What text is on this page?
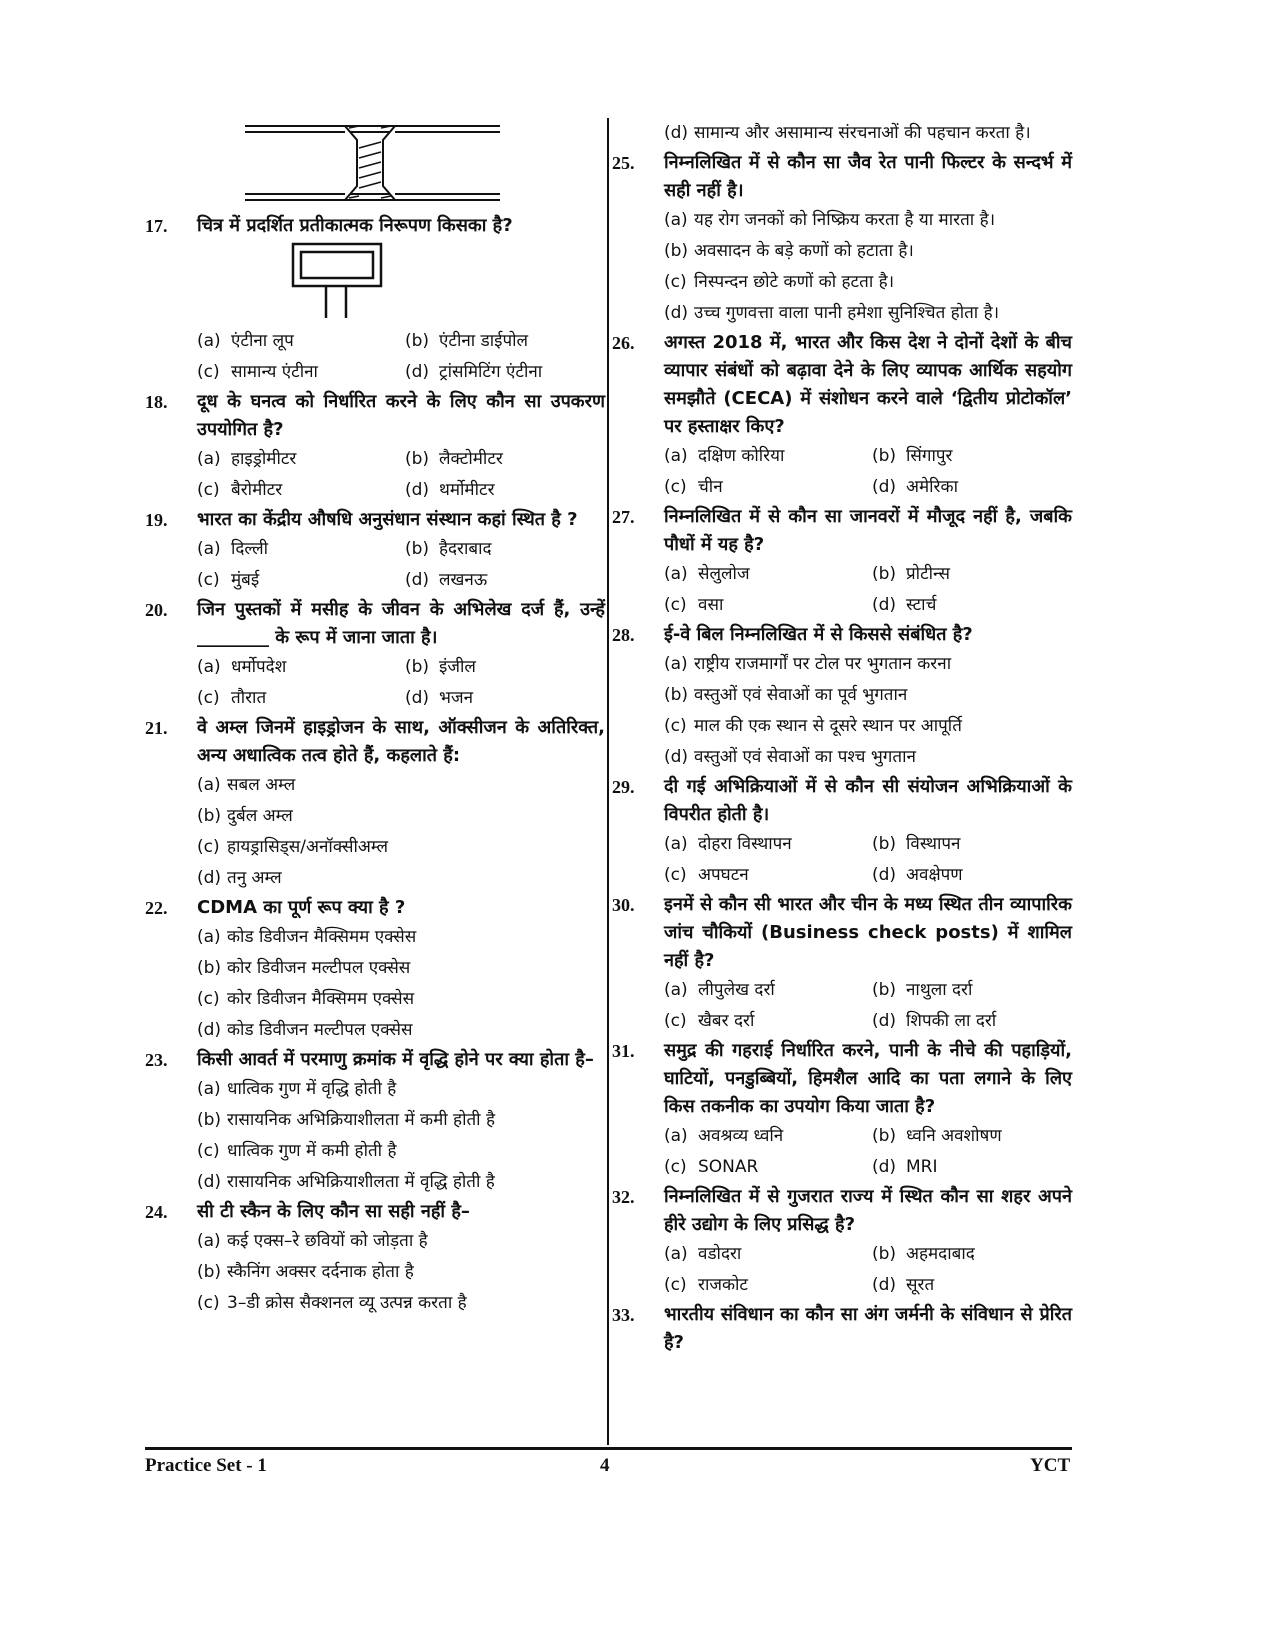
17.	चित्र में प्रदर्शित प्रतीकात्मक निरूपण किसका है?
(a) एंटीना लूप	(b) एंटीना डाईपोल
(c) सामान्य एंटीना	(d) ट्रांसमिटिंग एंटीना
18.	दूध के घनत्व को निर्धारित करने के लिए कौन सा उपकरण उपयोगित है?
(a) हाइड्रोमीटर	(b) लैक्टोमीटर
(c) बैरोमीटर	(d) थर्मोमीटर
19.	भारत का केंद्रीय औषधि अनुसंधान संस्थान कहां स्थित है ?
(a) दिल्ली	(b) हैदराबाद
(c) मुंबई	(d) लखनऊ
20.	जिन पुस्तकों में मसीह के जीवन के अभिलेख दर्ज हैं, उन्हें ________ के रूप में जाना जाता है।
(a) धर्मोपदेश	(b) इंजील
(c) तौरात	(d) भजन
21.	वे अम्ल जिनमें हाइड्रोजन के साथ, ऑक्सीजन के अतिरिक्त, अन्य अधात्विक तत्व होते हैं, कहलाते हैं:
(a) सबल अम्ल
(b) दुर्बल अम्ल
(c) हायड्रासिड्स/अनॉक्सीअम्ल
(d) तनु अम्ल
22.	CDMA का पूर्ण रूप क्या है ?
(a) कोड डिवीजन मैक्सिमम एक्सेस
(b) कोर डिवीजन मल्टीपल एक्सेस
(c) कोर डिवीजन मैक्सिमम एक्सेस
(d) कोड डिवीजन मल्टीपल एक्सेस
23.	किसी आवर्त में परमाणु क्रमांक में वृद्धि होने पर क्या होता है–
(a) धात्विक गुण में वृद्धि होती है
(b) रासायनिक अभिक्रियाशीलता में कमी होती है
(c) धात्विक गुण में कमी होती है
(d) रासायनिक अभिक्रियाशीलता में वृद्धि होती है
24.	सी टी स्कैन के लिए कौन सा सही नहीं है–
(a) कई एक्स–रे छवियों को जोड़ता है
(b) स्कैनिंग अक्सर दर्दनाक होता है
(c) 3–डी क्रोस सैक्शनल व्यू उत्पन्न करता है
(d) सामान्य और असामान्य संरचनाओं की पहचान करता है।
25.	निम्नलिखित में से कौन सा जैव रेत पानी फिल्टर के सन्दर्भ में सही नहीं है।
(a) यह रोग जनकों को निष्क्रिय करता है या मारता है।
(b) अवसादन के बड़े कणों को हटाता है।
(c) निस्पन्दन छोटे कणों को हटता है।
(d) उच्च गुणवत्ता वाला पानी हमेशा सुनिश्चित होता है।
26.	अगस्त 2018 में, भारत और किस देश ने दोनों देशों के बीच व्यापार संबंधों को बढ़ावा देने के लिए व्यापक आर्थिक सहयोग समझौते (CECA) में संशोधन करने वाले ‘द्वितीय प्रोटोकॉल’ पर हस्ताक्षर किए?
(a) दक्षिण कोरिया	(b) सिंगापुर
(c) चीन	(d) अमेरिका
27.	निम्नलिखित में से कौन सा जानवरों में मौजूद नहीं है, जबकि पौधों में यह है?
(a) सेलुलोज	(b) प्रोटीन्स
(c) वसा	(d) स्टार्च
28.	ई-वे बिल निम्नलिखित में से किससे संबंधित है?
(a) राष्ट्रीय राजमार्गों पर टोल पर भुगतान करना
(b) वस्तुओं एवं सेवाओं का पूर्व भुगतान
(c) माल की एक स्थान से दूसरे स्थान पर आपूर्ति
(d) वस्तुओं एवं सेवाओं का पश्च भुगतान
29.	दी गई अभिक्रियाओं में से कौन सी संयोजन अभिक्रियाओं के विपरीत होती है।
(a) दोहरा विस्थापन	(b) विस्थापन
(c) अपघटन	(d) अवक्षेपण
30.	इनमें से कौन सी भारत और चीन के मध्य स्थित तीन व्यापारिक जांच चौकियों (Business check posts) में शामिल नहीं है?
(a) लीपुलेख दर्रा	(b) नाथुला दर्रा
(c) खैबर दर्रा	(d) शिपकी ला दर्रा
31.	समुद्र की गहराई निर्धारित करने, पानी के नीचे की पहाड़ियों, घाटियों, पनडुब्बियों, हिमशैल आदि का पता लगाने के लिए किस तकनीक का उपयोग किया जाता है?
(a) अवश्रव्य ध्वनि	(b) ध्वनि अवशोषण
(c) SONAR	(d) MRI
32.	निम्नलिखित में से गुजरात राज्य में स्थित कौन सा शहर अपने हीरे उद्योग के लिए प्रसिद्ध है?
(a) वडोदरा	(b) अहमदाबाद
(c) राजकोट	(d) सूरत
33.	भारतीय संविधान का कौन सा अंग जर्मनी के संविधान से प्रेरित है?
Practice Set - 1	4	YCT
